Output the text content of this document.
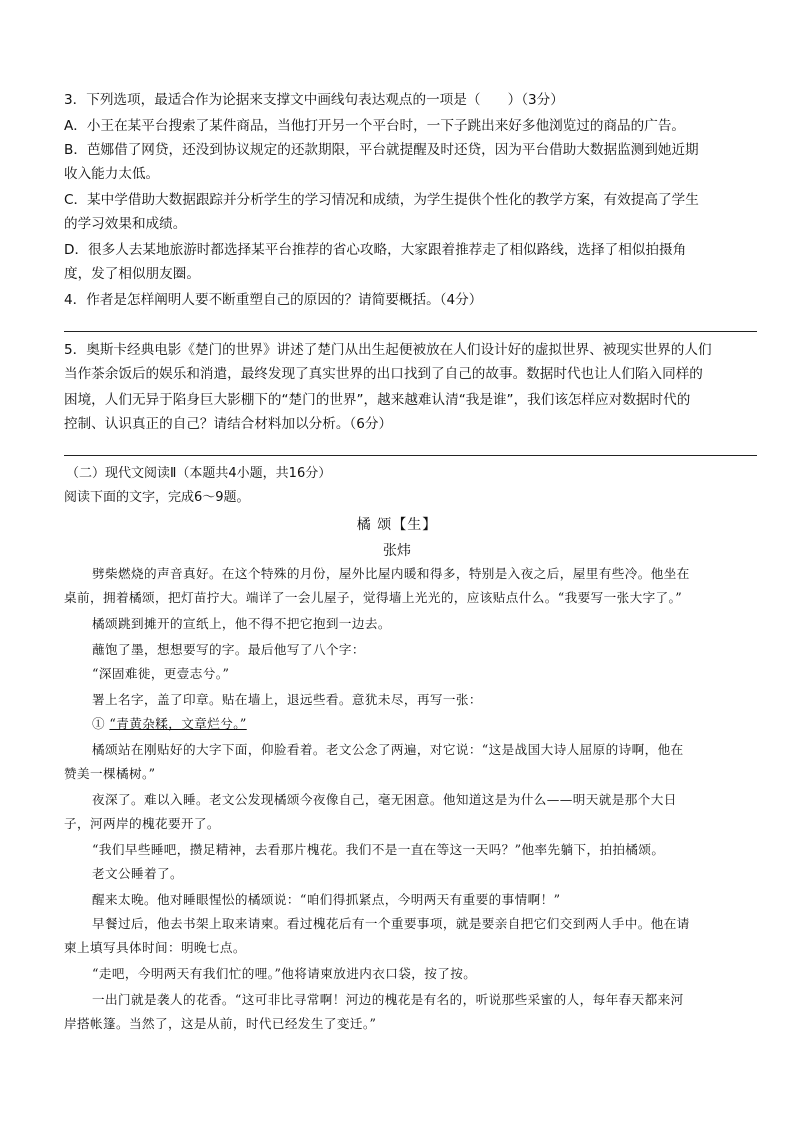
3．下列选项，最适合作为论据来支撑文中画线句表达观点的一项是（　　）（3分）
A．小王在某平台搜索了某件商品，当他打开另一个平台时，一下子跳出来好多他浏览过的商品的广告。
B．芭娜借了网贷，还没到协议规定的还款期限，平台就提醒及时还贷，因为平台借助大数据监测到她近期
收入能力太低。
C．某中学借助大数据跟踪并分析学生的学习情况和成绩，为学生提供个性化的教学方案，有效提高了学生
的学习效果和成绩。
D．很多人去某地旅游时都选择某平台推荐的省心攻略，大家跟着推荐走了相似路线，选择了相似拍摄角
度，发了相似朋友圈。
4．作者是怎样阐明人要不断重塑自己的原因的？请简要概括。（4分）
5．奥斯卡经典电影《楚门的世界》讲述了楚门从出生起便被放在人们设计好的虚拟世界、被现实世界的人们
当作茶余饭后的娱乐和消遣，最终发现了真实世界的出口找到了自己的故事。数据时代也让人们陷入同样的
困境，人们无异于陷身巨大影棚下的“楚门的世界”，越来越难认清“我是谁”，我们该怎样应对数据时代的
控制、认识真正的自己？请结合材料加以分析。（6分）
（二）现代文阅读Ⅱ（本题共4小题，共16分）
阅读下面的文字，完成6～9题。
橘 颂【生】
张炜
劈柴燃烧的声音真好。在这个特殊的月份，屋外比屋内暖和得多，特别是入夜之后，屋里有些冷。他坐在
桌前，拥着橘颂，把灯苗拧大。端详了一会儿屋子，觉得墙上光光的，应该贴点什么。“我要写一张大字了。”
橘颂跳到摊开的宣纸上，他不得不把它抱到一边去。
蘸饱了墨，想想要写的字。最后他写了八个字：
“深固难徙，更壹志兮。”
署上名字，盖了印章。贴在墙上，退远些看。意犹未尽，再写一张：
① “青黄杂糅，文章烂兮。”
橘颂站在刚贴好的大字下面，仰脸看着。老文公念了两遍，对它说：“这是战国大诗人屈原的诗啊，他在
赞美一棵橘树。”
夜深了。难以入睡。老文公发现橘颂今夜像自己，毫无困意。他知道这是为什么——明天就是那个大日
子，河两岸的槐花要开了。
“我们早些睡吧，攒足精神，去看那片槐花。我们不是一直在等这一天吗？”他率先躺下，拍拍橘颂。
老文公睡着了。
醒来太晚。他对睡眼惺忪的橘颂说：“咱们得抓紧点，今明两天有重要的事情啊！”
早餐过后，他去书架上取来请柬。看过槐花后有一个重要事项，就是要亲自把它们交到两人手中。他在请
柬上填写具体时间：明晚七点。
“走吧，今明两天有我们忙的哩。”他将请柬放进内衣口袋，按了按。
一出门就是袭人的花香。“这可非比寻常啊！河边的槐花是有名的，听说那些采蜜的人，每年春天都来河
岸搭帐篷。当然了，这是从前，时代已经发生了变迁。”
